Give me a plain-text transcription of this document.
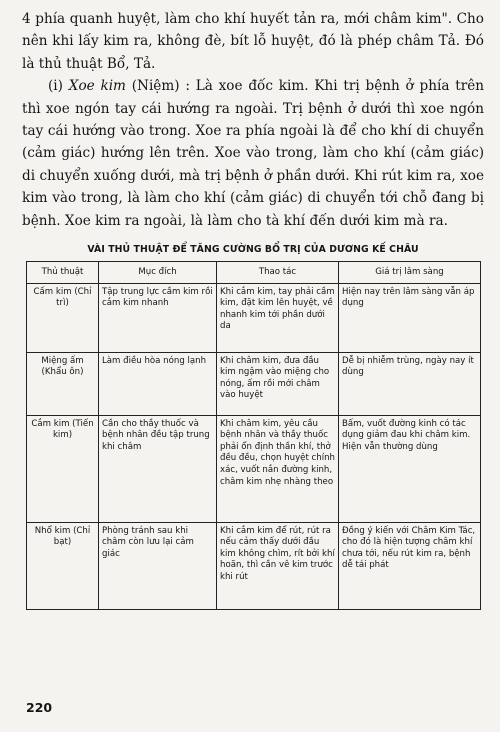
4 phía quanh huyệt, làm cho khí huyết tản ra, mới châm kim". Cho nên khi lấy kim ra, không đè, bít lỗ huyệt, đó là phép châm Tả. Đó là thủ thuật Bổ, Tả.

(i) Xoe kim (Niệm) : Là xoe đốc kim. Khi trị bệnh ở phía trên thì xoe ngón tay cái hướng ra ngoài. Trị bệnh ở dưới thì xoe ngón tay cái hướng vào trong. Xoe ra phía ngoài là để cho khí di chuyển (cảm giác) hướng lên trên. Xoe vào trong, làm cho khí (cảm giác) di chuyển xuống dưới, mà trị bệnh ở phần dưới. Khi rút kim ra, xoe kim vào trong, là làm cho khí (cảm giác) di chuyển tới chỗ đang bị bệnh. Xoe kim ra ngoài, là làm cho tà khí đến dưới kim mà ra.

VÀI THỦ THUẬT ĐỂ TĂNG CƯỜNG BỔ TRỊ CỦA DƯƠNG KẾ CHÂU
Thủ thuật	Mục đích	Thao tác	Giá trị lâm sàng
Cấm kim (Chỉ trì)	Tập trung lực cầm kim rồi cắm kim nhanh	Khi cắm kim, tay phải cầm kim, đặt kim lên huyệt, về nhanh kim tới phần dưới da	Hiện nay trên lâm sàng vẫn áp dụng
Miệng ấm (Khẩu ôn)	Làm điều hòa nóng lạnh	Khi châm kim, đưa đầu kim ngậm vào miệng cho nóng, ấm rồi mới châm vào huyệt	Dễ bị nhiễm trùng, ngày nay ít dùng
Cắm kim (Tiến kim)	Cần cho thầy thuốc và bệnh nhân đều tập trung khi châm	Khi châm kim, yêu cầu bệnh nhân và thầy thuốc phải ổn định thần khí, thở đều đều, chọn huyệt chính xác, vuốt nắn đường kinh, châm kim nhẹ nhàng theo	Bấm, vuốt đường kinh có tác dụng giảm đau khi châm kim. Hiện vẫn thường dùng
Nhổ kim (Chỉ bạt)	Phòng tránh sau khi châm còn lưu lại cảm giác	Khi cắm kim để rút, rút ra nếu cảm thấy dưới đầu kim không chìm, rít bởi khí hoãn, thì cần vê kim trước khi rút	Đồng ý kiến với Châm Kim Tác, cho đó là hiện tượng châm khí chưa tới, nếu rút kim ra, bệnh dễ tái phát
220
